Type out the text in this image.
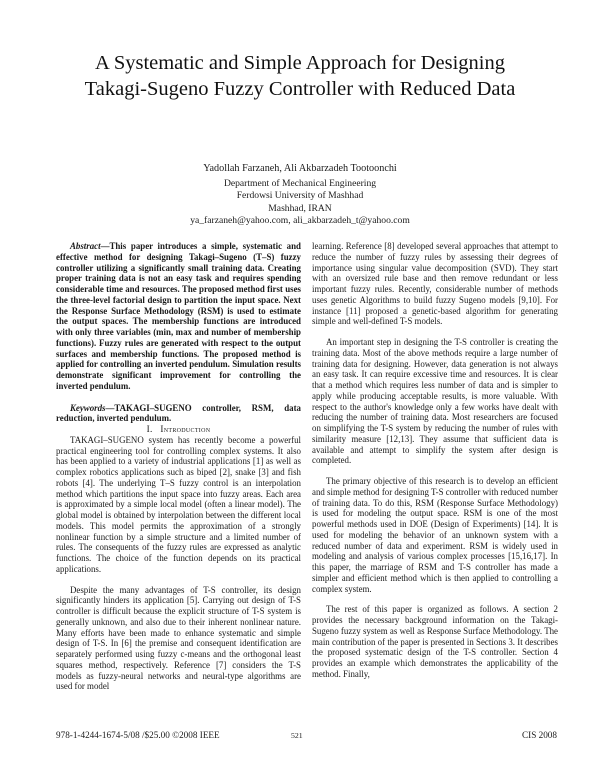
A Systematic and Simple Approach for Designing
Takagi-Sugeno Fuzzy Controller with Reduced Data
Yadollah Farzaneh, Ali Akbarzadeh Tootoonchi
Department of Mechanical Engineering
Ferdowsi University of Mashhad
Mashhad, IRAN
ya_farzaneh@yahoo.com, ali_akbarzadeh_t@yahoo.com

Abstract—This paper introduces a simple, systematic and effective method for designing Takagi–Sugeno (T–S) fuzzy controller utilizing a significantly small training data. Creating proper training data is not an easy task and requires spending considerable time and resources. The proposed method first uses the three-level factorial design to partition the input space. Next the Response Surface Methodology (RSM) is used to estimate the output spaces. The membership functions are introduced with only three variables (min, max and number of membership functions). Fuzzy rules are generated with respect to the output surfaces and membership functions. The proposed method is applied for controlling an inverted pendulum. Simulation results demonstrate significant improvement for controlling the inverted pendulum.

Keywords—TAKAGI–SUGENO controller, RSM, data reduction, inverted pendulum.

I. Introduction

TAKAGI–SUGENO system has recently become a powerful practical engineering tool for controlling complex systems. It also has been applied to a variety of industrial applications [1] as well as complex robotics applications such as biped [2], snake [3] and fish robots [4]. The underlying T–S fuzzy control is an interpolation method which partitions the input space into fuzzy areas. Each area is approximated by a simple local model (often a linear model). The global model is obtained by interpolation between the different local models. This model permits the approximation of a strongly nonlinear function by a simple structure and a limited number of rules. The consequents of the fuzzy rules are expressed as analytic functions. The choice of the function depends on its practical applications.

Despite the many advantages of T-S controller, its design significantly hinders its application [5]. Carrying out design of T-S controller is difficult because the explicit structure of T-S system is generally unknown, and also due to their inherent nonlinear nature. Many efforts have been made to enhance systematic and simple design of T-S. In [6] the premise and consequent identification are separately performed using fuzzy c-means and the orthogonal least squares method, respectively. Reference [7] considers the T-S models as fuzzy-neural networks and neural-type algorithms are used for model

learning. Reference [8] developed several approaches that attempt to reduce the number of fuzzy rules by assessing their degrees of importance using singular value decomposition (SVD). They start with an oversized rule base and then remove redundant or less important fuzzy rules. Recently, considerable number of methods uses genetic Algorithms to build fuzzy Sugeno models [9,10]. For instance [11] proposed a genetic-based algorithm for generating simple and well-defined T-S models.

An important step in designing the T-S controller is creating the training data. Most of the above methods require a large number of training data for designing. However, data generation is not always an easy task. It can require excessive time and resources. It is clear that a method which requires less number of data and is simpler to apply while producing acceptable results, is more valuable. With respect to the author's knowledge only a few works have dealt with reducing the number of training data. Most researchers are focused on simplifying the T-S system by reducing the number of rules with similarity measure [12,13]. They assume that sufficient data is available and attempt to simplify the system after design is completed.

The primary objective of this research is to develop an efficient and simple method for designing T-S controller with reduced number of training data. To do this, RSM (Response Surface Methodology) is used for modeling the output space. RSM is one of the most powerful methods used in DOE (Design of Experiments) [14]. It is used for modeling the behavior of an unknown system with a reduced number of data and experiment. RSM is widely used in modeling and analysis of various complex processes [15,16,17]. In this paper, the marriage of RSM and T-S controller has made a simpler and efficient method which is then applied to controlling a complex system.

The rest of this paper is organized as follows. A section 2 provides the necessary background information on the Takagi-Sugeno fuzzy system as well as Response Surface Methodology. The main contribution of the paper is presented in Sections 3. It describes the proposed systematic design of the T-S controller. Section 4 provides an example which demonstrates the applicability of the method. Finally,

978-1-4244-1674-5/08 /$25.00 ©2008 IEEE	521	CIS 2008
